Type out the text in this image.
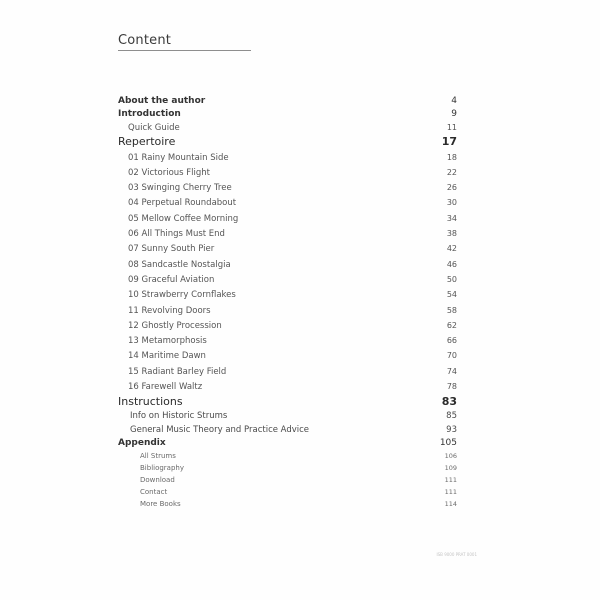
Content
About the author	4
Introduction	9
Quick Guide	11
Repertoire	17
01 Rainy Mountain Side	18
02 Victorious Flight	22
03 Swinging Cherry Tree	26
04 Perpetual Roundabout	30
05 Mellow Coffee Morning	34
06 All Things Must End	38
07 Sunny South Pier	42
08 Sandcastle Nostalgia	46
09 Graceful Aviation	50
10 Strawberry Cornflakes	54
11 Revolving Doors	58
12 Ghostly Procession	62
13 Metamorphosis	66
14 Maritime Dawn	70
15 Radiant Barley Field	74
16 Farewell Waltz	78
Instructions	83
Info on Historic Strums	85
General Music Theory and Practice Advice	93
Appendix	105
All Strums	106
Bibliography	109
Download	111
Contact	111
More Books	114
ISB 9000 PRAT 0001
